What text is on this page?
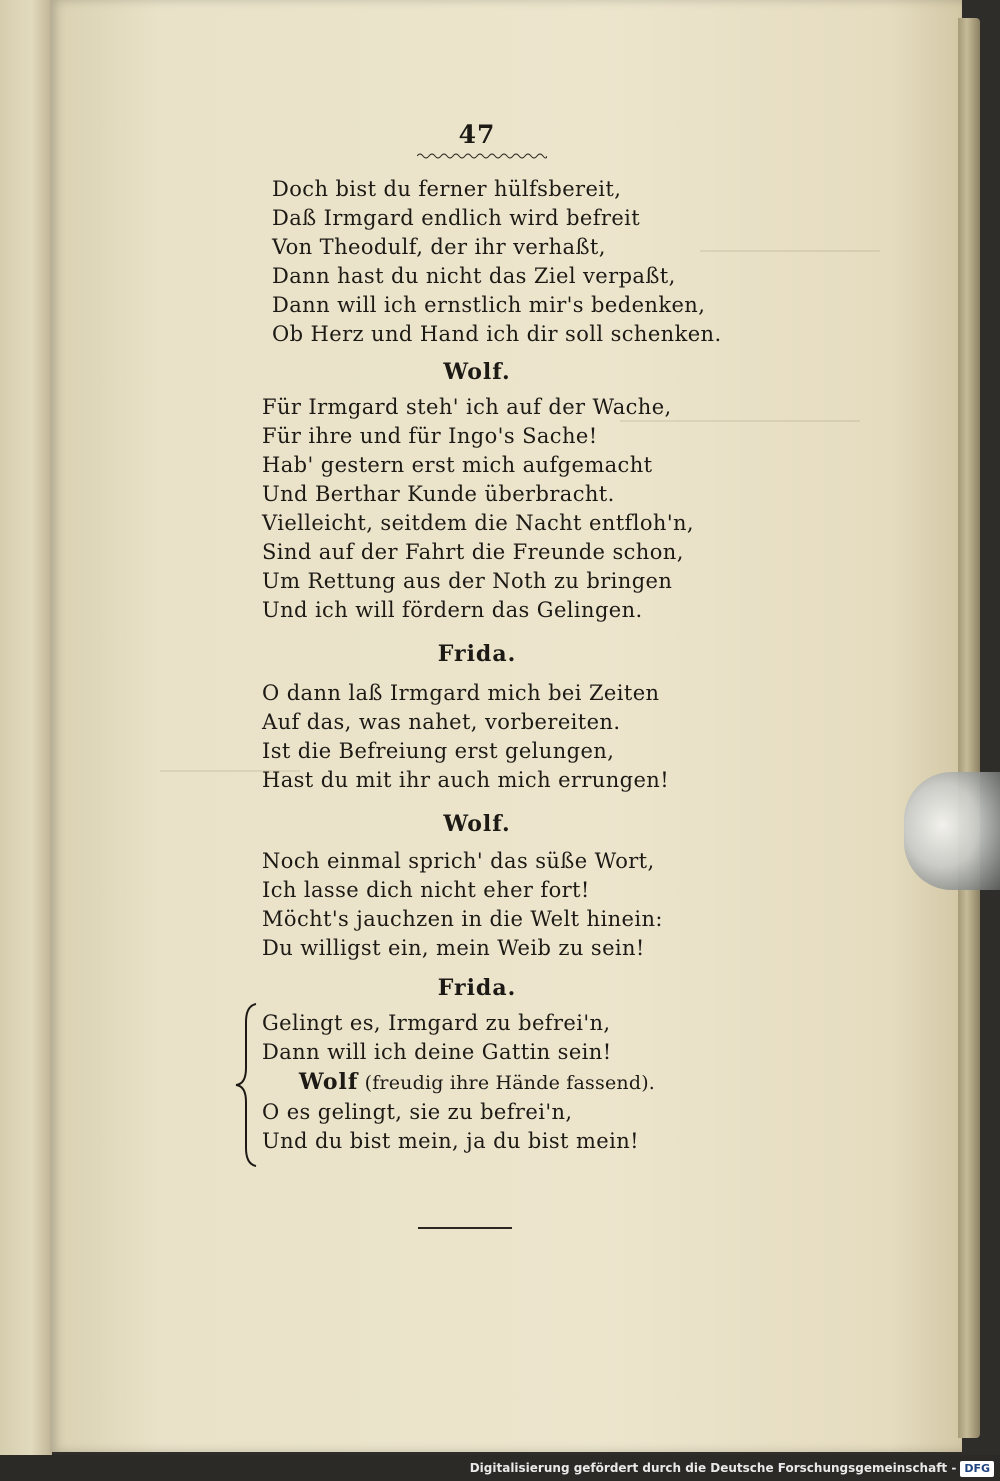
47
Doch bist du ferner hülfsbereit,
Daß Irmgard endlich wird befreit
Von Theodulf, der ihr verhaßt,
Dann hast du nicht das Ziel verpaßt,
Dann will ich ernstlich mir's bedenken,
Ob Herz und Hand ich dir soll schenken.
Wolf.
Für Irmgard steh' ich auf der Wache,
Für ihre und für Ingo's Sache!
Hab' gestern erst mich aufgemacht
Und Berthar Kunde überbracht.
Vielleicht, seitdem die Nacht entfloh'n,
Sind auf der Fahrt die Freunde schon,
Um Rettung aus der Noth zu bringen
Und ich will fördern das Gelingen.
Frida.
O dann laß Irmgard mich bei Zeiten
Auf das, was nahet, vorbereiten.
Ist die Befreiung erst gelungen,
Hast du mit ihr auch mich errungen!
Wolf.
Noch einmal sprich' das süße Wort,
Ich lasse dich nicht eher fort!
Möcht's jauchzen in die Welt hinein:
Du willigst ein, mein Weib zu sein!
Frida.
Gelingt es, Irmgard zu befrei'n,
Dann will ich deine Gattin sein!
Wolf (freudig ihre Hände fassend).
O es gelingt, sie zu befrei'n,
Und du bist mein, ja du bist mein!
Digitalisierung gefördert durch die Deutsche Forschungsgemeinschaft - DFG
